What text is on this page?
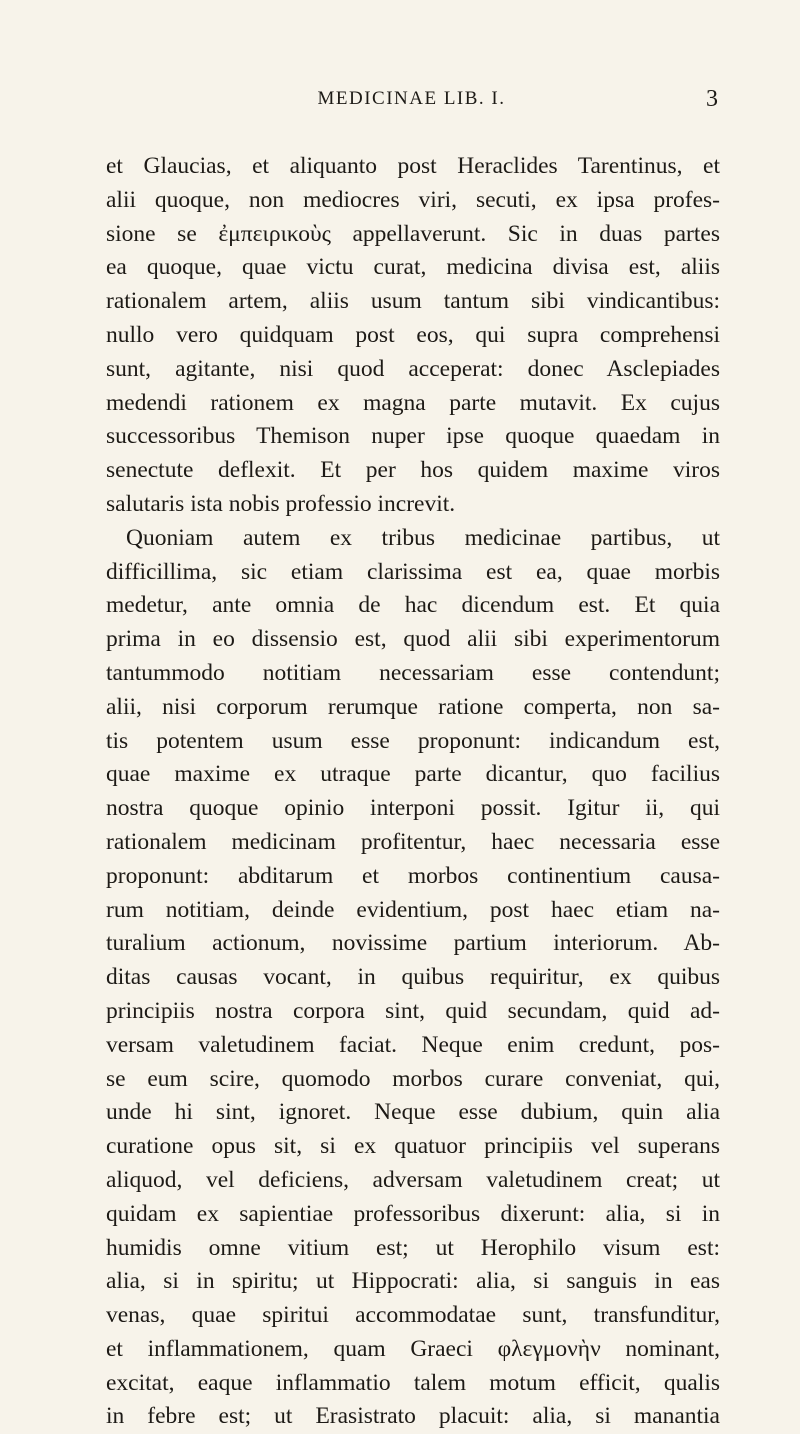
MEDICINAE LIB. I.	3
et Glaucias, et aliquanto post Heraclides Tarentinus, et
alii quoque, non mediocres viri, secuti, ex ipsa profes-
sione se ἐμπειρικοὺς appellaverunt. Sic in duas partes
ea quoque, quae victu curat, medicina divisa est, aliis
rationalem artem, aliis usum tantum sibi vindicantibus:
nullo vero quidquam post eos, qui supra comprehensi
sunt, agitante, nisi quod acceperat: donec Asclepiades
medendi rationem ex magna parte mutavit. Ex cujus
successoribus Themison nuper ipse quoque quaedam in
senectute deflexit. Et per hos quidem maxime viros
salutaris ista nobis professio increvit.
Quoniam autem ex tribus medicinae partibus, ut
difficillima, sic etiam clarissima est ea, quae morbis
medetur, ante omnia de hac dicendum est. Et quia
prima in eo dissensio est, quod alii sibi experimentorum
tantummodo notitiam necessariam esse contendunt;
alii, nisi corporum rerumque ratione comperta, non sa-
tis potentem usum esse proponunt: indicandum est,
quae maxime ex utraque parte dicantur, quo facilius
nostra quoque opinio interponi possit. Igitur ii, qui
rationalem medicinam profitentur, haec necessaria esse
proponunt: abditarum et morbos continentium causa-
rum notitiam, deinde evidentium, post haec etiam na-
turalium actionum, novissime partium interiorum. Ab-
ditas causas vocant, in quibus requiritur, ex quibus
principiis nostra corpora sint, quid secundam, quid ad-
versam valetudinem faciat. Neque enim credunt, pos-
se eum scire, quomodo morbos curare conveniat, qui,
unde hi sint, ignoret. Neque esse dubium, quin alia
curatione opus sit, si ex quatuor principiis vel superans
aliquod, vel deficiens, adversam valetudinem creat; ut
quidam ex sapientiae professoribus dixerunt: alia, si in
humidis omne vitium est; ut Herophilo visum est:
alia, si in spiritu; ut Hippocrati: alia, si sanguis in eas
venas, quae spiritui accommodatae sunt, transfunditur,
et inflammationem, quam Graeci φλεγμονὴν nominant,
excitat, eaque inflammatio talem motum efficit, qualis
in febre est; ut Erasistrato placuit: alia, si manantia
